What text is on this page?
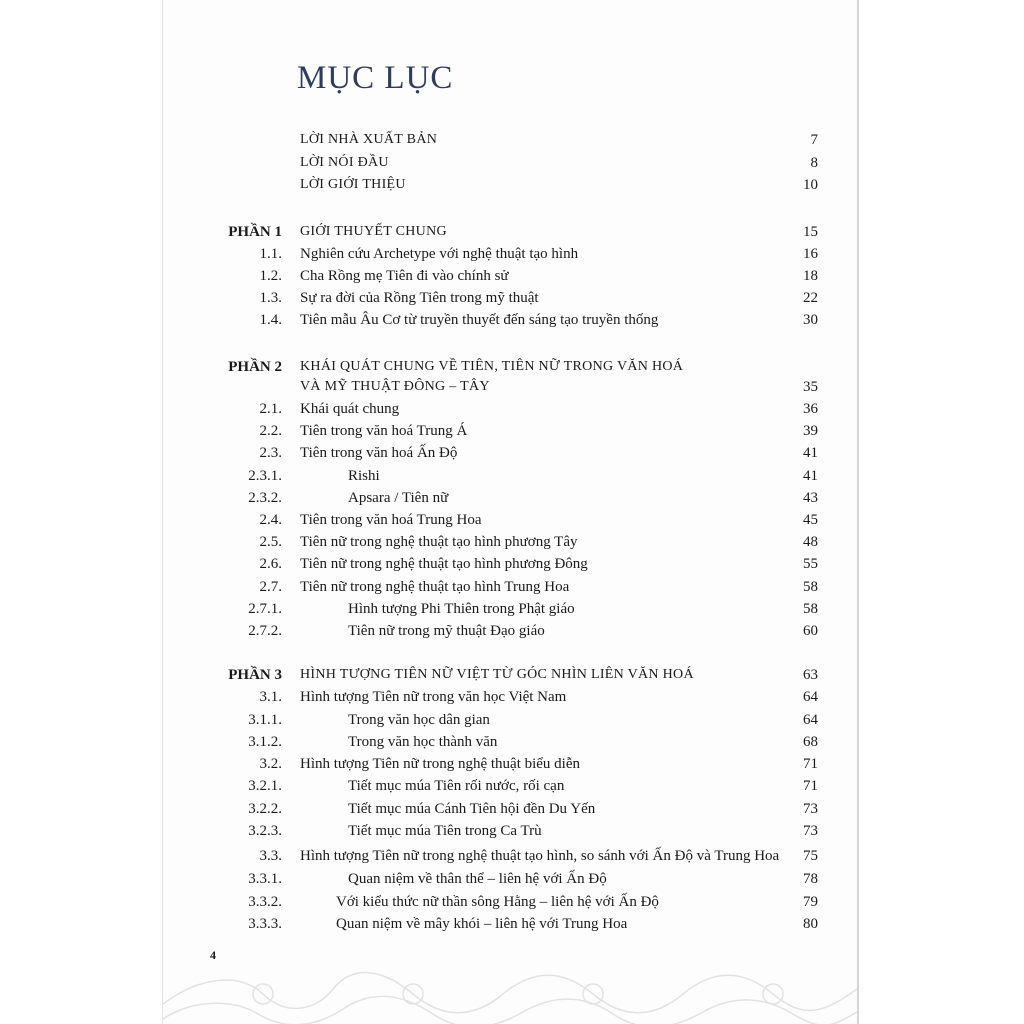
MỤC LỤC
LỜI NHÀ XUẤT BẢN	7
LỜI NÓI ĐẦU	8
LỜI GIỚI THIỆU	10
PHẦN 1 GIỚI THUYẾT CHUNG	15
1.1. Nghiên cứu Archetype với nghệ thuật tạo hình	16
1.2. Cha Rồng mẹ Tiên đi vào chính sử	18
1.3. Sự ra đời của Rồng Tiên trong mỹ thuật	22
1.4. Tiên mẫu Âu Cơ từ truyền thuyết đến sáng tạo truyền thống	30
PHẦN 2 KHÁI QUÁT CHUNG VỀ TIÊN, TIÊN NỮ TRONG VĂN HOÁ
VÀ MỸ THUẬT ĐÔNG – TÂY	35
2.1. Khái quát chung	36
2.2. Tiên trong văn hoá Trung Á	39
2.3. Tiên trong văn hoá Ấn Độ	41
2.3.1.	Rishi	41
2.3.2.	Apsara / Tiên nữ	43
2.4. Tiên trong văn hoá Trung Hoa	45
2.5. Tiên nữ trong nghệ thuật tạo hình phương Tây	48
2.6. Tiên nữ trong nghệ thuật tạo hình phương Đông	55
2.7. Tiên nữ trong nghệ thuật tạo hình Trung Hoa	58
2.7.1.	Hình tượng Phi Thiên trong Phật giáo	58
2.7.2.	Tiên nữ trong mỹ thuật Đạo giáo	60
PHẦN 3 HÌNH TƯỢNG TIÊN NỮ VIỆT TỪ GÓC NHÌN LIÊN VĂN HOÁ	63
3.1. Hình tượng Tiên nữ trong văn học Việt Nam	64
3.1.1.	Trong văn học dân gian	64
3.1.2.	Trong văn học thành văn	68
3.2. Hình tượng Tiên nữ trong nghệ thuật biểu diễn	71
3.2.1.	Tiết mục múa Tiên rối nước, rối cạn	71
3.2.2.	Tiết mục múa Cánh Tiên hội đền Du Yến	73
3.2.3.	Tiết mục múa Tiên trong Ca Trù	73
3.3. Hình tượng Tiên nữ trong nghệ thuật tạo hình, so sánh với Ấn Độ và Trung Hoa 75
3.3.1.	Quan niệm về thân thể – liên hệ với Ấn Độ	78
3.3.2.	Với kiểu thức nữ thần sông Hằng – liên hệ với Ấn Độ	79
3.3.3.	Quan niệm về mây khói – liên hệ với Trung Hoa	80
4
